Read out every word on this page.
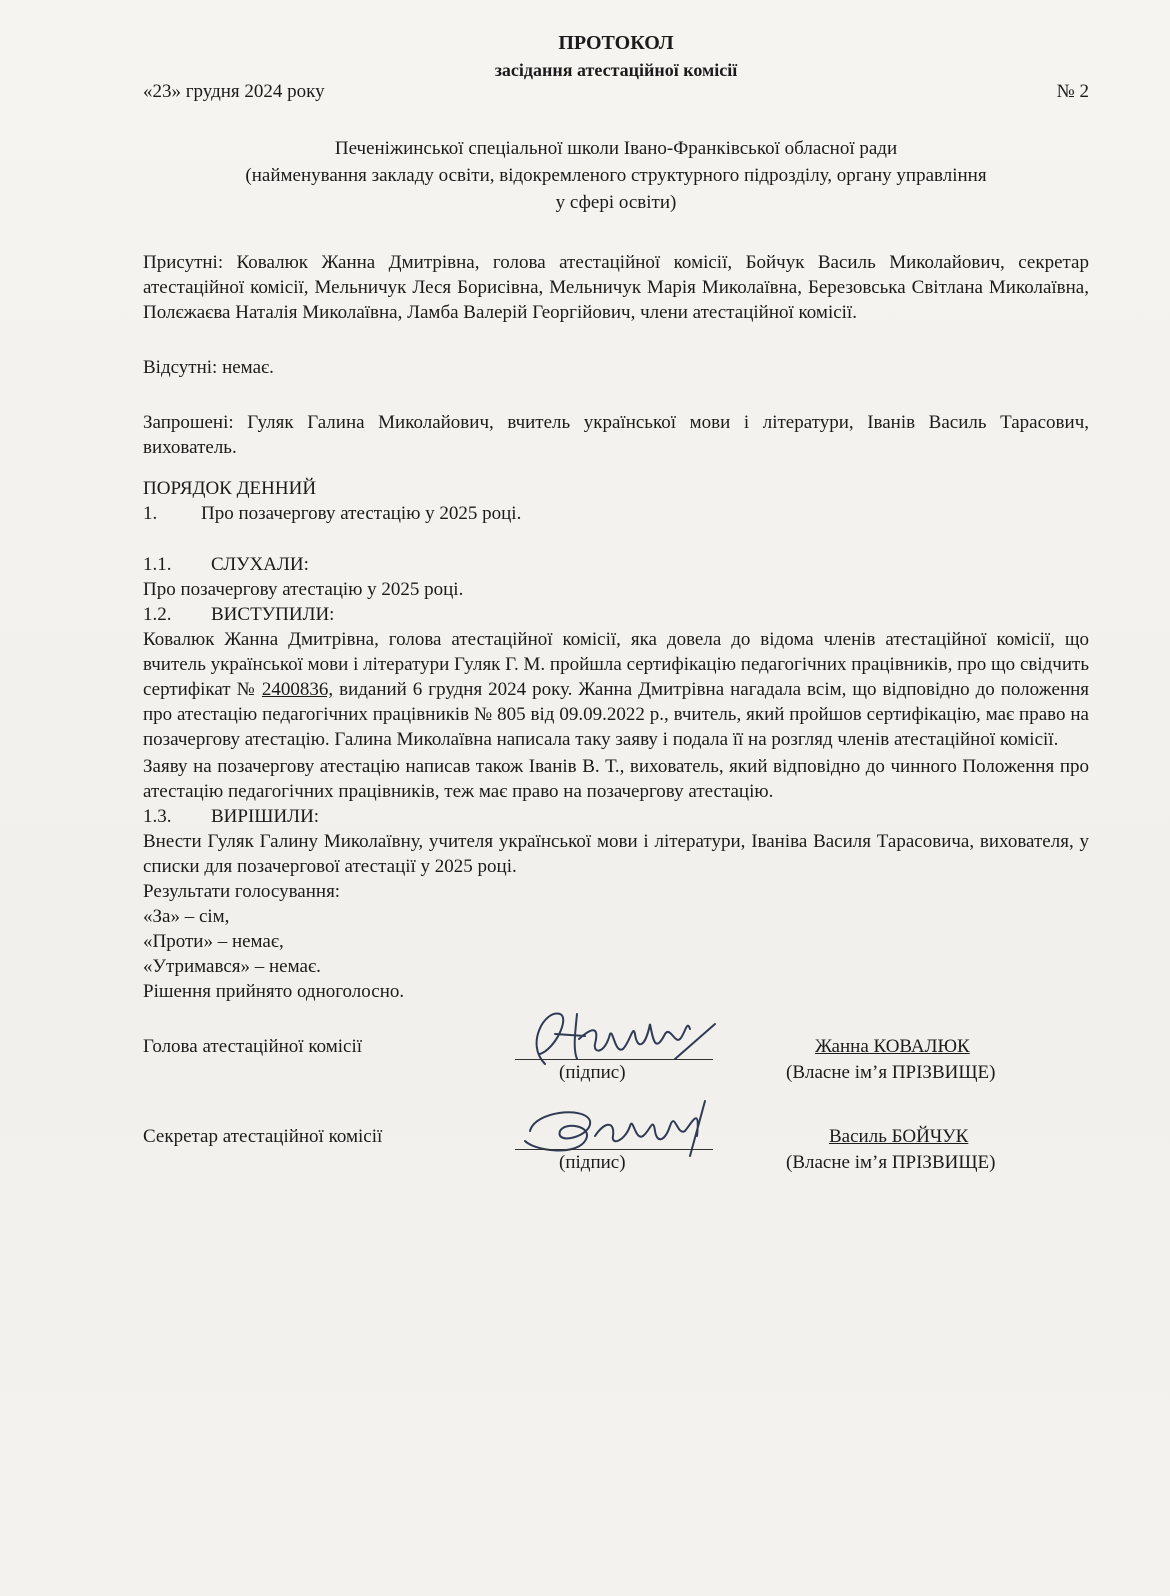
ПРОТОКОЛ
засідання атестаційної комісії
«23» грудня 2024 року	№ 2
Печеніжинської спеціальної школи Івано-Франківської обласної ради
(найменування закладу освіти, відокремленого структурного підрозділу, органу управління
у сфері освіти)
Присутні: Ковалюк Жанна Дмитрівна, голова атестаційної комісії, Бойчук Василь Миколайович, секретар атестаційної комісії, Мельничук Леся Борисівна, Мельничук Марія Миколаївна, Березовська Світлана Миколаївна, Полєжаєва Наталія Миколаївна, Ламба Валерій Георгійович, члени атестаційної комісії.
Відсутні: немає.
Запрошені: Гуляк Галина Миколайович, вчитель української мови і літератури, Іванів Василь Тарасович, вихователь.
ПОРЯДОК ДЕННИЙ
1.	Про позачергову атестацію у 2025 році.
1.1.	СЛУХАЛИ:
Про позачергову атестацію у 2025 році.
1.2.	ВИСТУПИЛИ:
Ковалюк Жанна Дмитрівна, голова атестаційної комісії, яка довела до відома членів атестаційної комісії, що вчитель української мови і літератури Гуляк Г. М. пройшла сертифікацію педагогічних працівників, про що свідчить сертифікат № 2400836, виданий 6 грудня 2024 року. Жанна Дмитрівна нагадала всім, що відповідно до положення про атестацію педагогічних працівників № 805 від 09.09.2022 р., вчитель, який пройшов сертифікацію, має право на позачергову атестацію. Галина Миколаївна написала таку заяву і подала її на розгляд членів атестаційної комісії.
Заяву на позачергову атестацію написав також Іванів В. Т., вихователь, який відповідно до чинного Положення про атестацію педагогічних працівників, теж має право на позачергову атестацію.
1.3.	ВИРІШИЛИ:
Внести Гуляк Галину Миколаївну, учителя української мови і літератури, Іваніва Василя Тарасовича, вихователя, у списки для позачергової атестації у 2025 році.
Результати голосування:
«За» – сім,
«Проти» – немає,
«Утримався» – немає.
Рішення прийнято одноголосно.
Голова атестаційної комісії
(підпис)
Жанна КОВАЛЮК
(Власне ім’я ПРІЗВИЩЕ)
Секретар атестаційної комісії
(підпис)
Василь БОЙЧУК
(Власне ім’я ПРІЗВИЩЕ)
